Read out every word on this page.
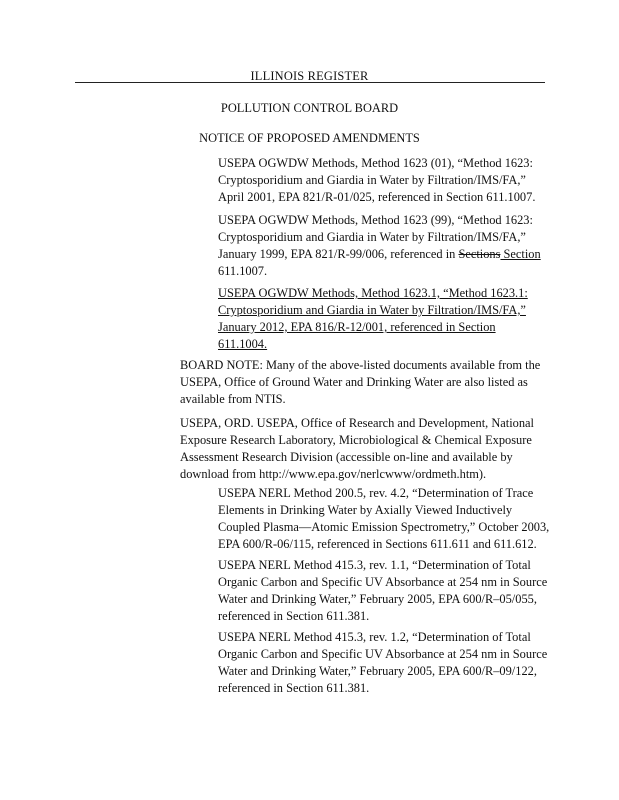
ILLINOIS REGISTER
POLLUTION CONTROL BOARD
NOTICE OF PROPOSED AMENDMENTS
USEPA OGWDW Methods, Method 1623 (01), “Method 1623:
Cryptosporidium and Giardia in Water by Filtration/IMS/FA,”
April 2001, EPA 821/R-01/025, referenced in Section 611.1007.
USEPA OGWDW Methods, Method 1623 (99), “Method 1623:
Cryptosporidium and Giardia in Water by Filtration/IMS/FA,”
January 1999, EPA 821/R-99/006, referenced in Sections Section
611.1007.
USEPA OGWDW Methods, Method 1623.1, “Method 1623.1:
Cryptosporidium and Giardia in Water by Filtration/IMS/FA,”
January 2012, EPA 816/R-12/001, referenced in Section
611.1004.
BOARD NOTE: Many of the above-listed documents available from the
USEPA, Office of Ground Water and Drinking Water are also listed as
available from NTIS.
USEPA, ORD. USEPA, Office of Research and Development, National
Exposure Research Laboratory, Microbiological & Chemical Exposure
Assessment Research Division (accessible on-line and available by
download from http://www.epa.gov/nerlcwww/ordmeth.htm).
USEPA NERL Method 200.5, rev. 4.2, “Determination of Trace
Elements in Drinking Water by Axially Viewed Inductively
Coupled Plasma—Atomic Emission Spectrometry,” October 2003,
EPA 600/R-06/115, referenced in Sections 611.611 and 611.612.
USEPA NERL Method 415.3, rev. 1.1, “Determination of Total
Organic Carbon and Specific UV Absorbance at 254 nm in Source
Water and Drinking Water,” February 2005, EPA 600/R–05/055,
referenced in Section 611.381.
USEPA NERL Method 415.3, rev. 1.2, “Determination of Total
Organic Carbon and Specific UV Absorbance at 254 nm in Source
Water and Drinking Water,” February 2005, EPA 600/R–09/122,
referenced in Section 611.381.
